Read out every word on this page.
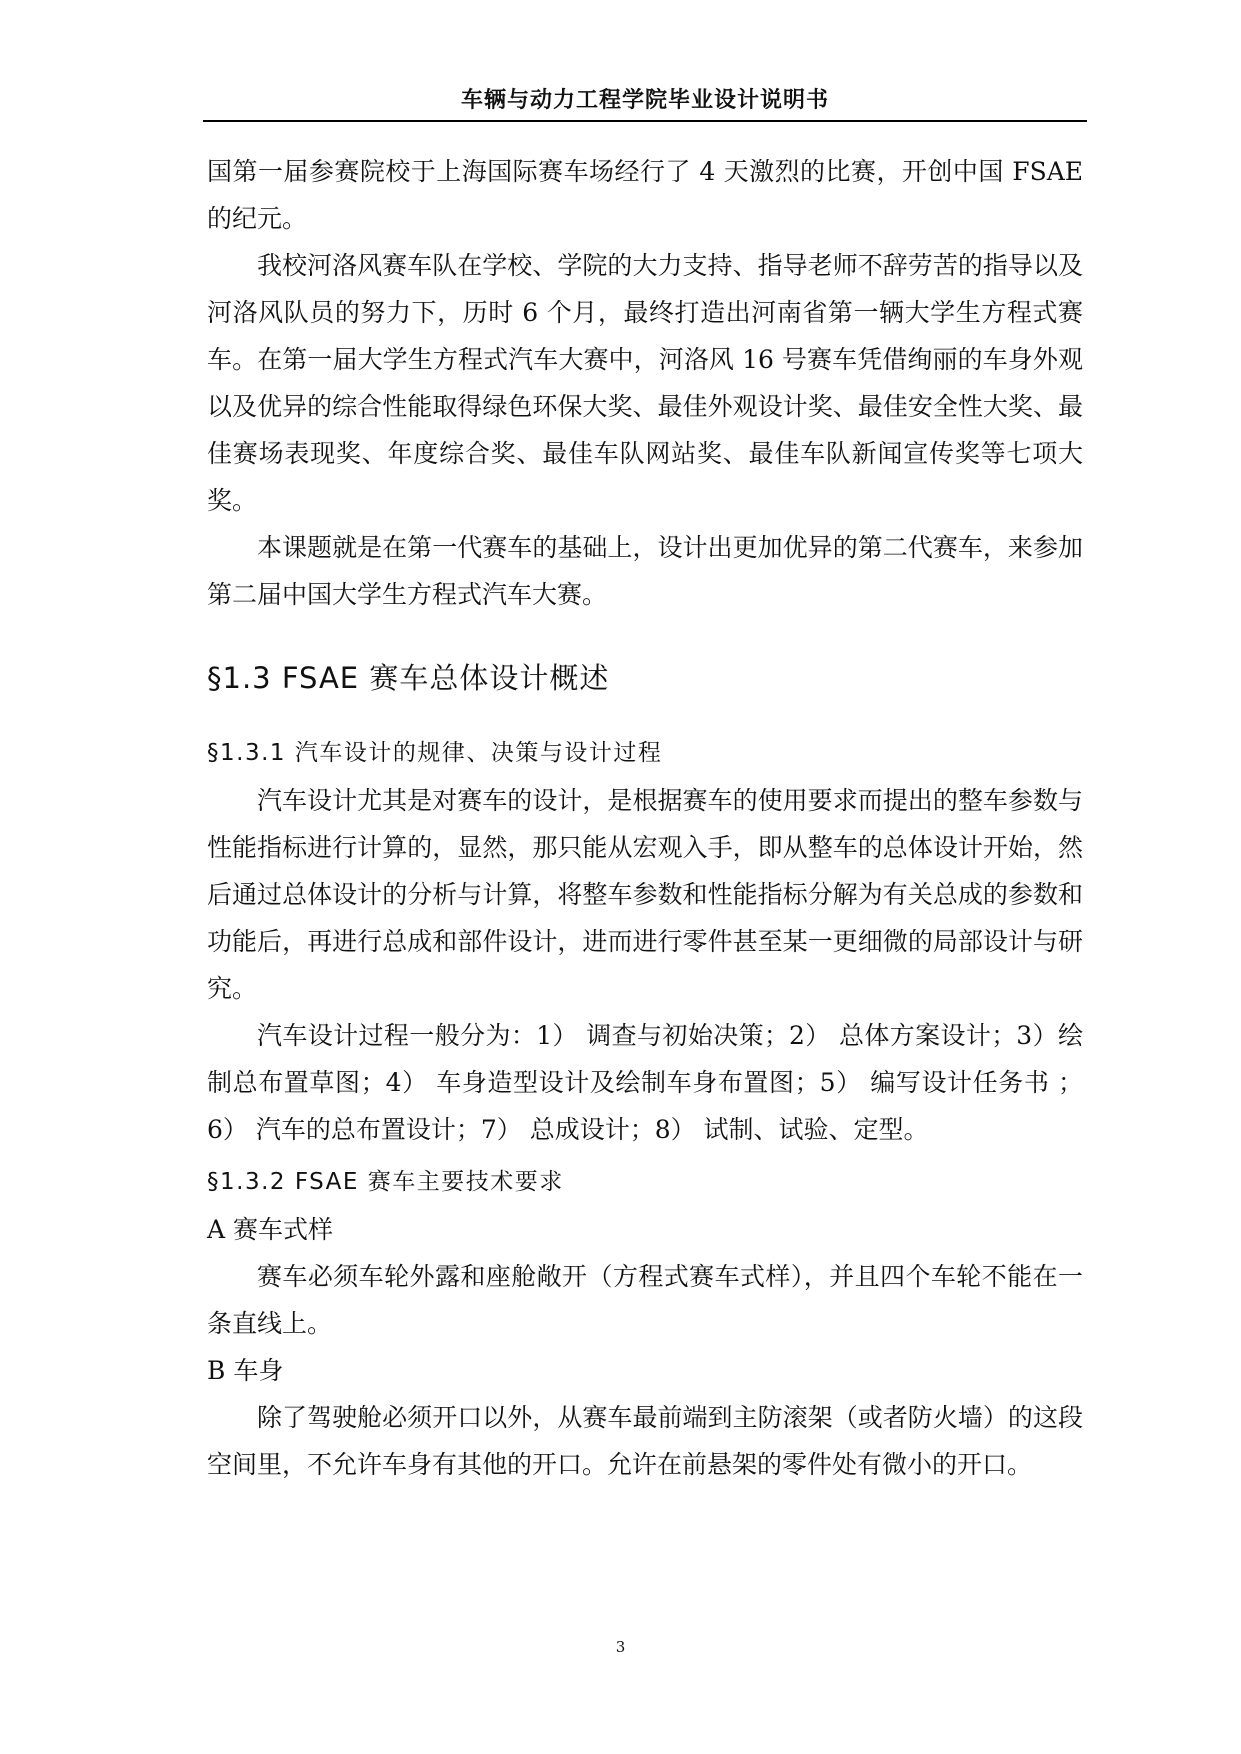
车辆与动力工程学院毕业设计说明书

国第一届参赛院校于上海国际赛车场经行了 4 天激烈的比赛，开创中国 FSAE 的纪元。

我校河洛风赛车队在学校、学院的大力支持、指导老师不辞劳苦的指导以及河洛风队员的努力下，历时 6 个月，最终打造出河南省第一辆大学生方程式赛车。在第一届大学生方程式汽车大赛中，河洛风 16 号赛车凭借绚丽的车身外观以及优异的综合性能取得绿色环保大奖、最佳外观设计奖、最佳安全性大奖、最佳赛场表现奖、年度综合奖、最佳车队网站奖、最佳车队新闻宣传奖等七项大奖。

本课题就是在第一代赛车的基础上，设计出更加优异的第二代赛车，来参加第二届中国大学生方程式汽车大赛。

§1.3 FSAE 赛车总体设计概述

§1.3.1 汽车设计的规律、决策与设计过程

汽车设计尤其是对赛车的设计，是根据赛车的使用要求而提出的整车参数与性能指标进行计算的，显然，那只能从宏观入手，即从整车的总体设计开始，然后通过总体设计的分析与计算，将整车参数和性能指标分解为有关总成的参数和功能后，再进行总成和部件设计，进而进行零件甚至某一更细微的局部设计与研究。

汽车设计过程一般分为：1） 调查与初始决策；2） 总体方案设计；3）绘制总布置草图；4） 车身造型设计及绘制车身布置图；5） 编写设计任务书 ； 6） 汽车的总布置设计；7） 总成设计；8） 试制、试验、定型。

§1.3.2 FSAE 赛车主要技术要求

A 赛车式样

赛车必须车轮外露和座舱敞开（方程式赛车式样），并且四个车轮不能在一条直线上。

B 车身

除了驾驶舱必须开口以外，从赛车最前端到主防滚架（或者防火墙）的这段空间里，不允许车身有其他的开口。允许在前悬架的零件处有微小的开口。

3
